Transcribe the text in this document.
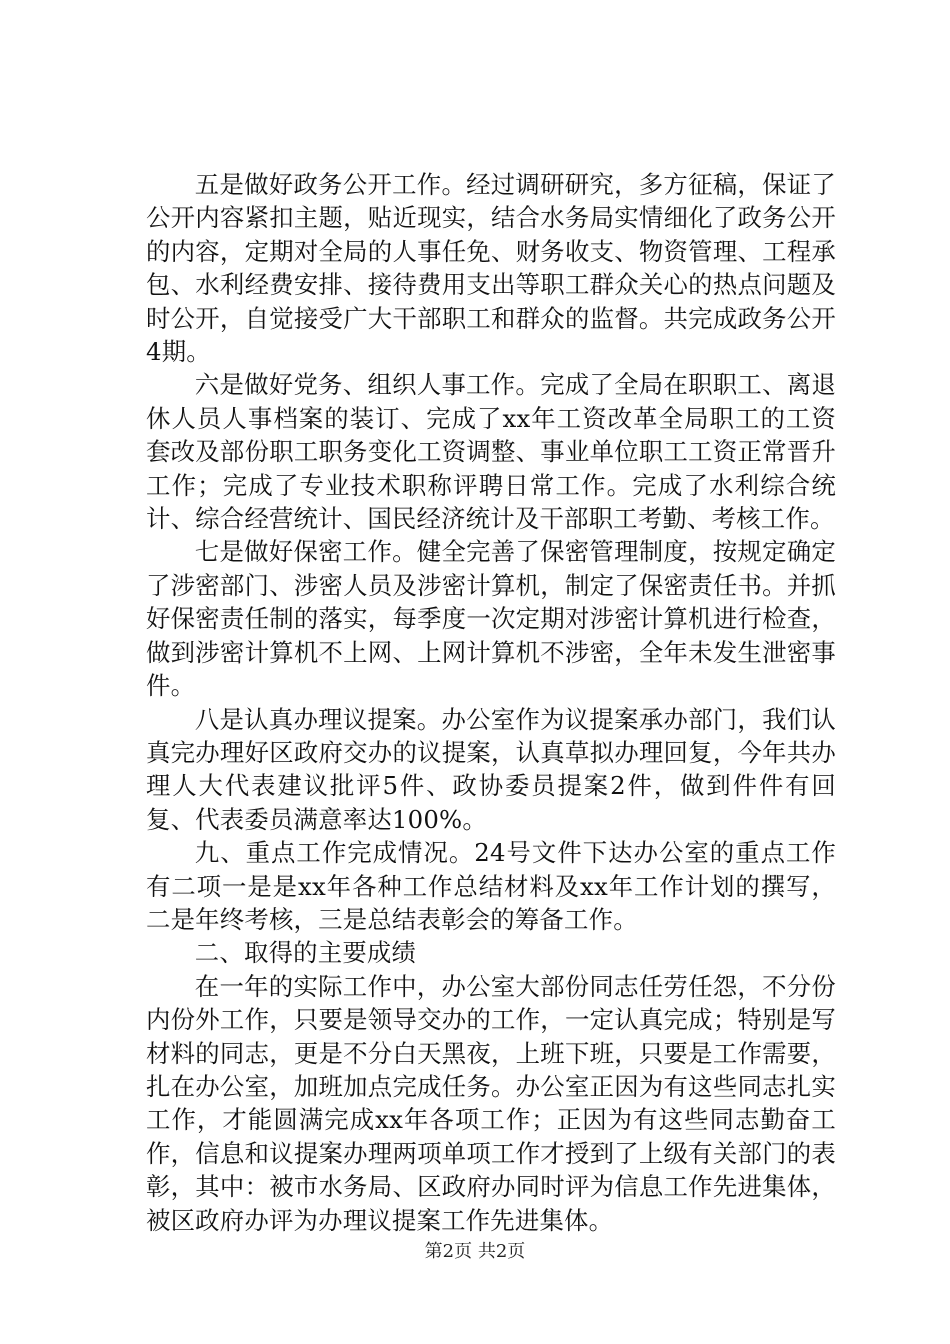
五是做好政务公开工作。经过调研研究，多方征稿，保证了公开内容紧扣主题，贴近现实，结合水务局实情细化了政务公开的内容，定期对全局的人事任免、财务收支、物资管理、工程承包、水利经费安排、接待费用支出等职工群众关心的热点问题及时公开，自觉接受广大干部职工和群众的监督。共完成政务公开4期。

六是做好党务、组织人事工作。完成了全局在职职工、离退休人员人事档案的装订、完成了xx年工资改革全局职工的工资套改及部份职工职务变化工资调整、事业单位职工工资正常晋升工作；完成了专业技术职称评聘日常工作。完成了水利综合统计、综合经营统计、国民经济统计及干部职工考勤、考核工作。

七是做好保密工作。健全完善了保密管理制度，按规定确定了涉密部门、涉密人员及涉密计算机，制定了保密责任书。并抓好保密责任制的落实，每季度一次定期对涉密计算机进行检查，做到涉密计算机不上网、上网计算机不涉密，全年未发生泄密事件。

八是认真办理议提案。办公室作为议提案承办部门，我们认真完办理好区政府交办的议提案，认真草拟办理回复，今年共办理人大代表建议批评5件、政协委员提案2件，做到件件有回复、代表委员满意率达100%。

九、重点工作完成情况。24号文件下达办公室的重点工作有二项一是是xx年各种工作总结材料及xx年工作计划的撰写，二是年终考核，三是总结表彰会的筹备工作。

二、取得的主要成绩

在一年的实际工作中，办公室大部份同志任劳任怨，不分份内份外工作，只要是领导交办的工作，一定认真完成；特别是写材料的同志，更是不分白天黑夜，上班下班，只要是工作需要，扎在办公室，加班加点完成任务。办公室正因为有这些同志扎实工作，才能圆满完成xx年各项工作；正因为有这些同志勤奋工作，信息和议提案办理两项单项工作才授到了上级有关部门的表彰，其中：被市水务局、区政府办同时评为信息工作先进集体，被区政府办评为办理议提案工作先进集体。

第2页 共2页
